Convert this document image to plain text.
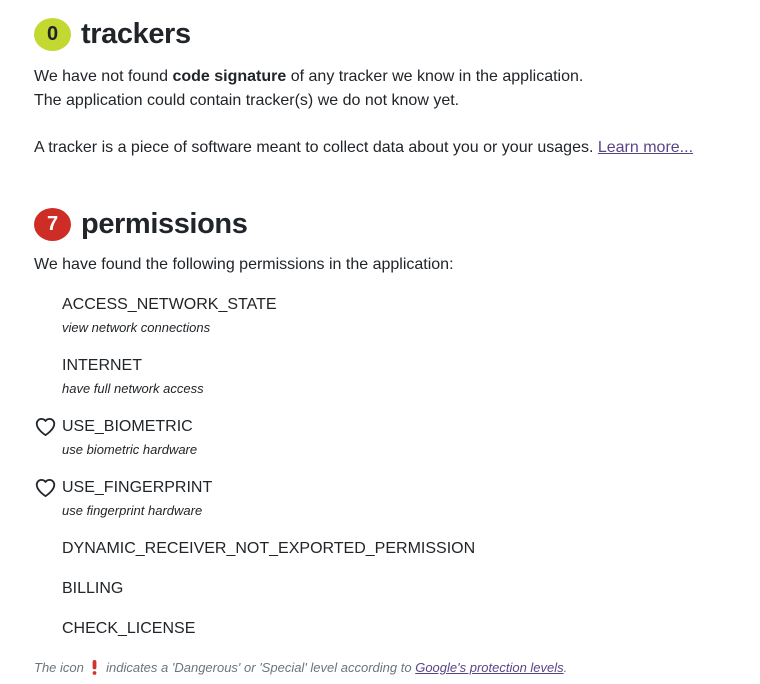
0 trackers

We have not found code signature of any tracker we know in the application.
The application could contain tracker(s) we do not know yet.

A tracker is a piece of software meant to collect data about you or your usages. Learn more...

7 permissions

We have found the following permissions in the application:

ACCESS_NETWORK_STATE
view network connections
INTERNET
have full network access
USE_BIOMETRIC
use biometric hardware
USE_FINGERPRINT
use fingerprint hardware
DYNAMIC_RECEIVER_NOT_EXPORTED_PERMISSION
BILLING
CHECK_LICENSE
The icon  indicates a 'Dangerous' or 'Special' level according to Google's protection levels.
